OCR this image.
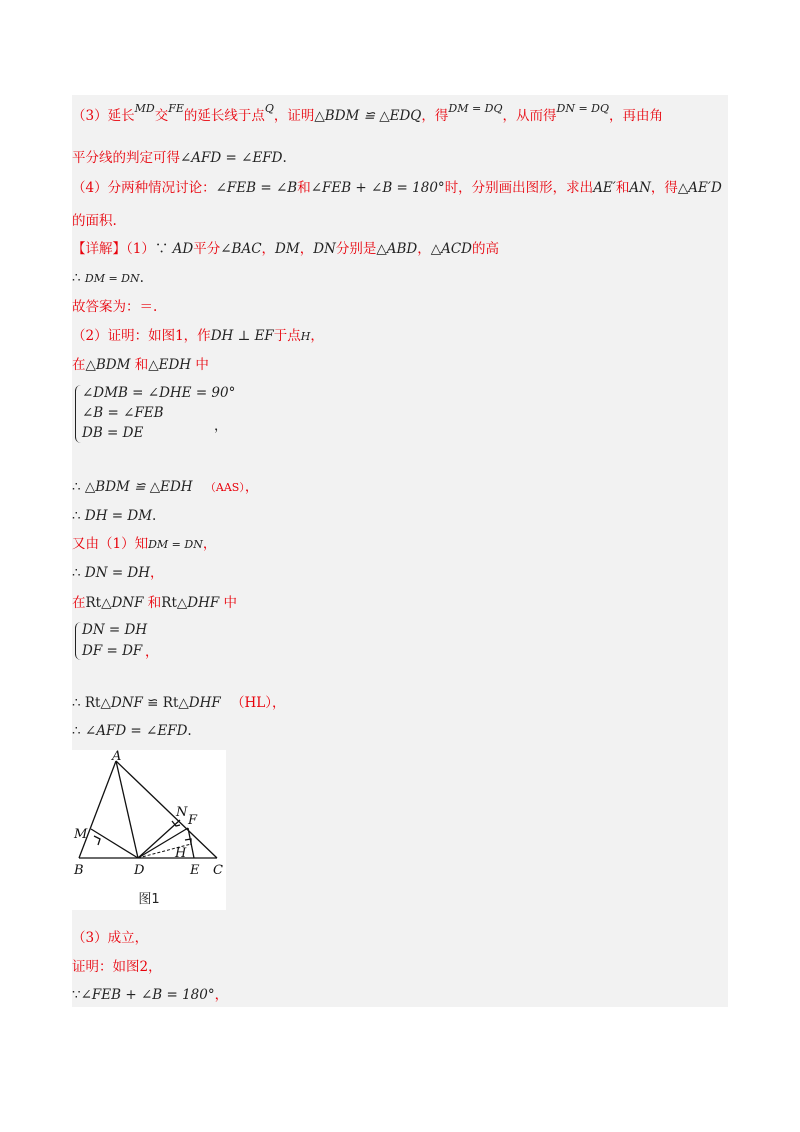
（3）延长$^{MD}$交$^{FE}$的延长线于点$^Q$，证明△BDM ≌ △EDQ，得$^{DM = DQ}$，从而得$^{DN = DQ}$，再由角
平分线的判定可得∠AFD = ∠EFD.
（4）分两种情况讨论：∠FEB = ∠B和∠FEB + ∠B = 180°时，分别画出图形，求出AE′和AN，得△AE′D
的面积.
【详解】（1）∵ AD平分∠BAC，DM，DN分别是△ABD，△ACD的高
∴ DM = DN.
故答案为：＝.
（2）证明：如图1，作DH ⊥ EF于点H，
在△BDM 和△EDH 中
∠DMB = ∠DHE = 90°
∠B = ∠FEB
DB = DE	，
∴ △BDM ≌ △EDH （AAS），
∴ DH = DM.
又由（1）知DM = DN，
∴ DN = DH，
在Rt△DNF 和Rt△DHF 中
DN = DH
DF = DF ，
∴ Rt△DNF ≌ Rt△DHF （HL），
∴ ∠AFD = ∠EFD.
A
B	C
D	E
F
H
M
N
图1
（3）成立，
证明：如图2，
∵∠FEB + ∠B = 180°，
